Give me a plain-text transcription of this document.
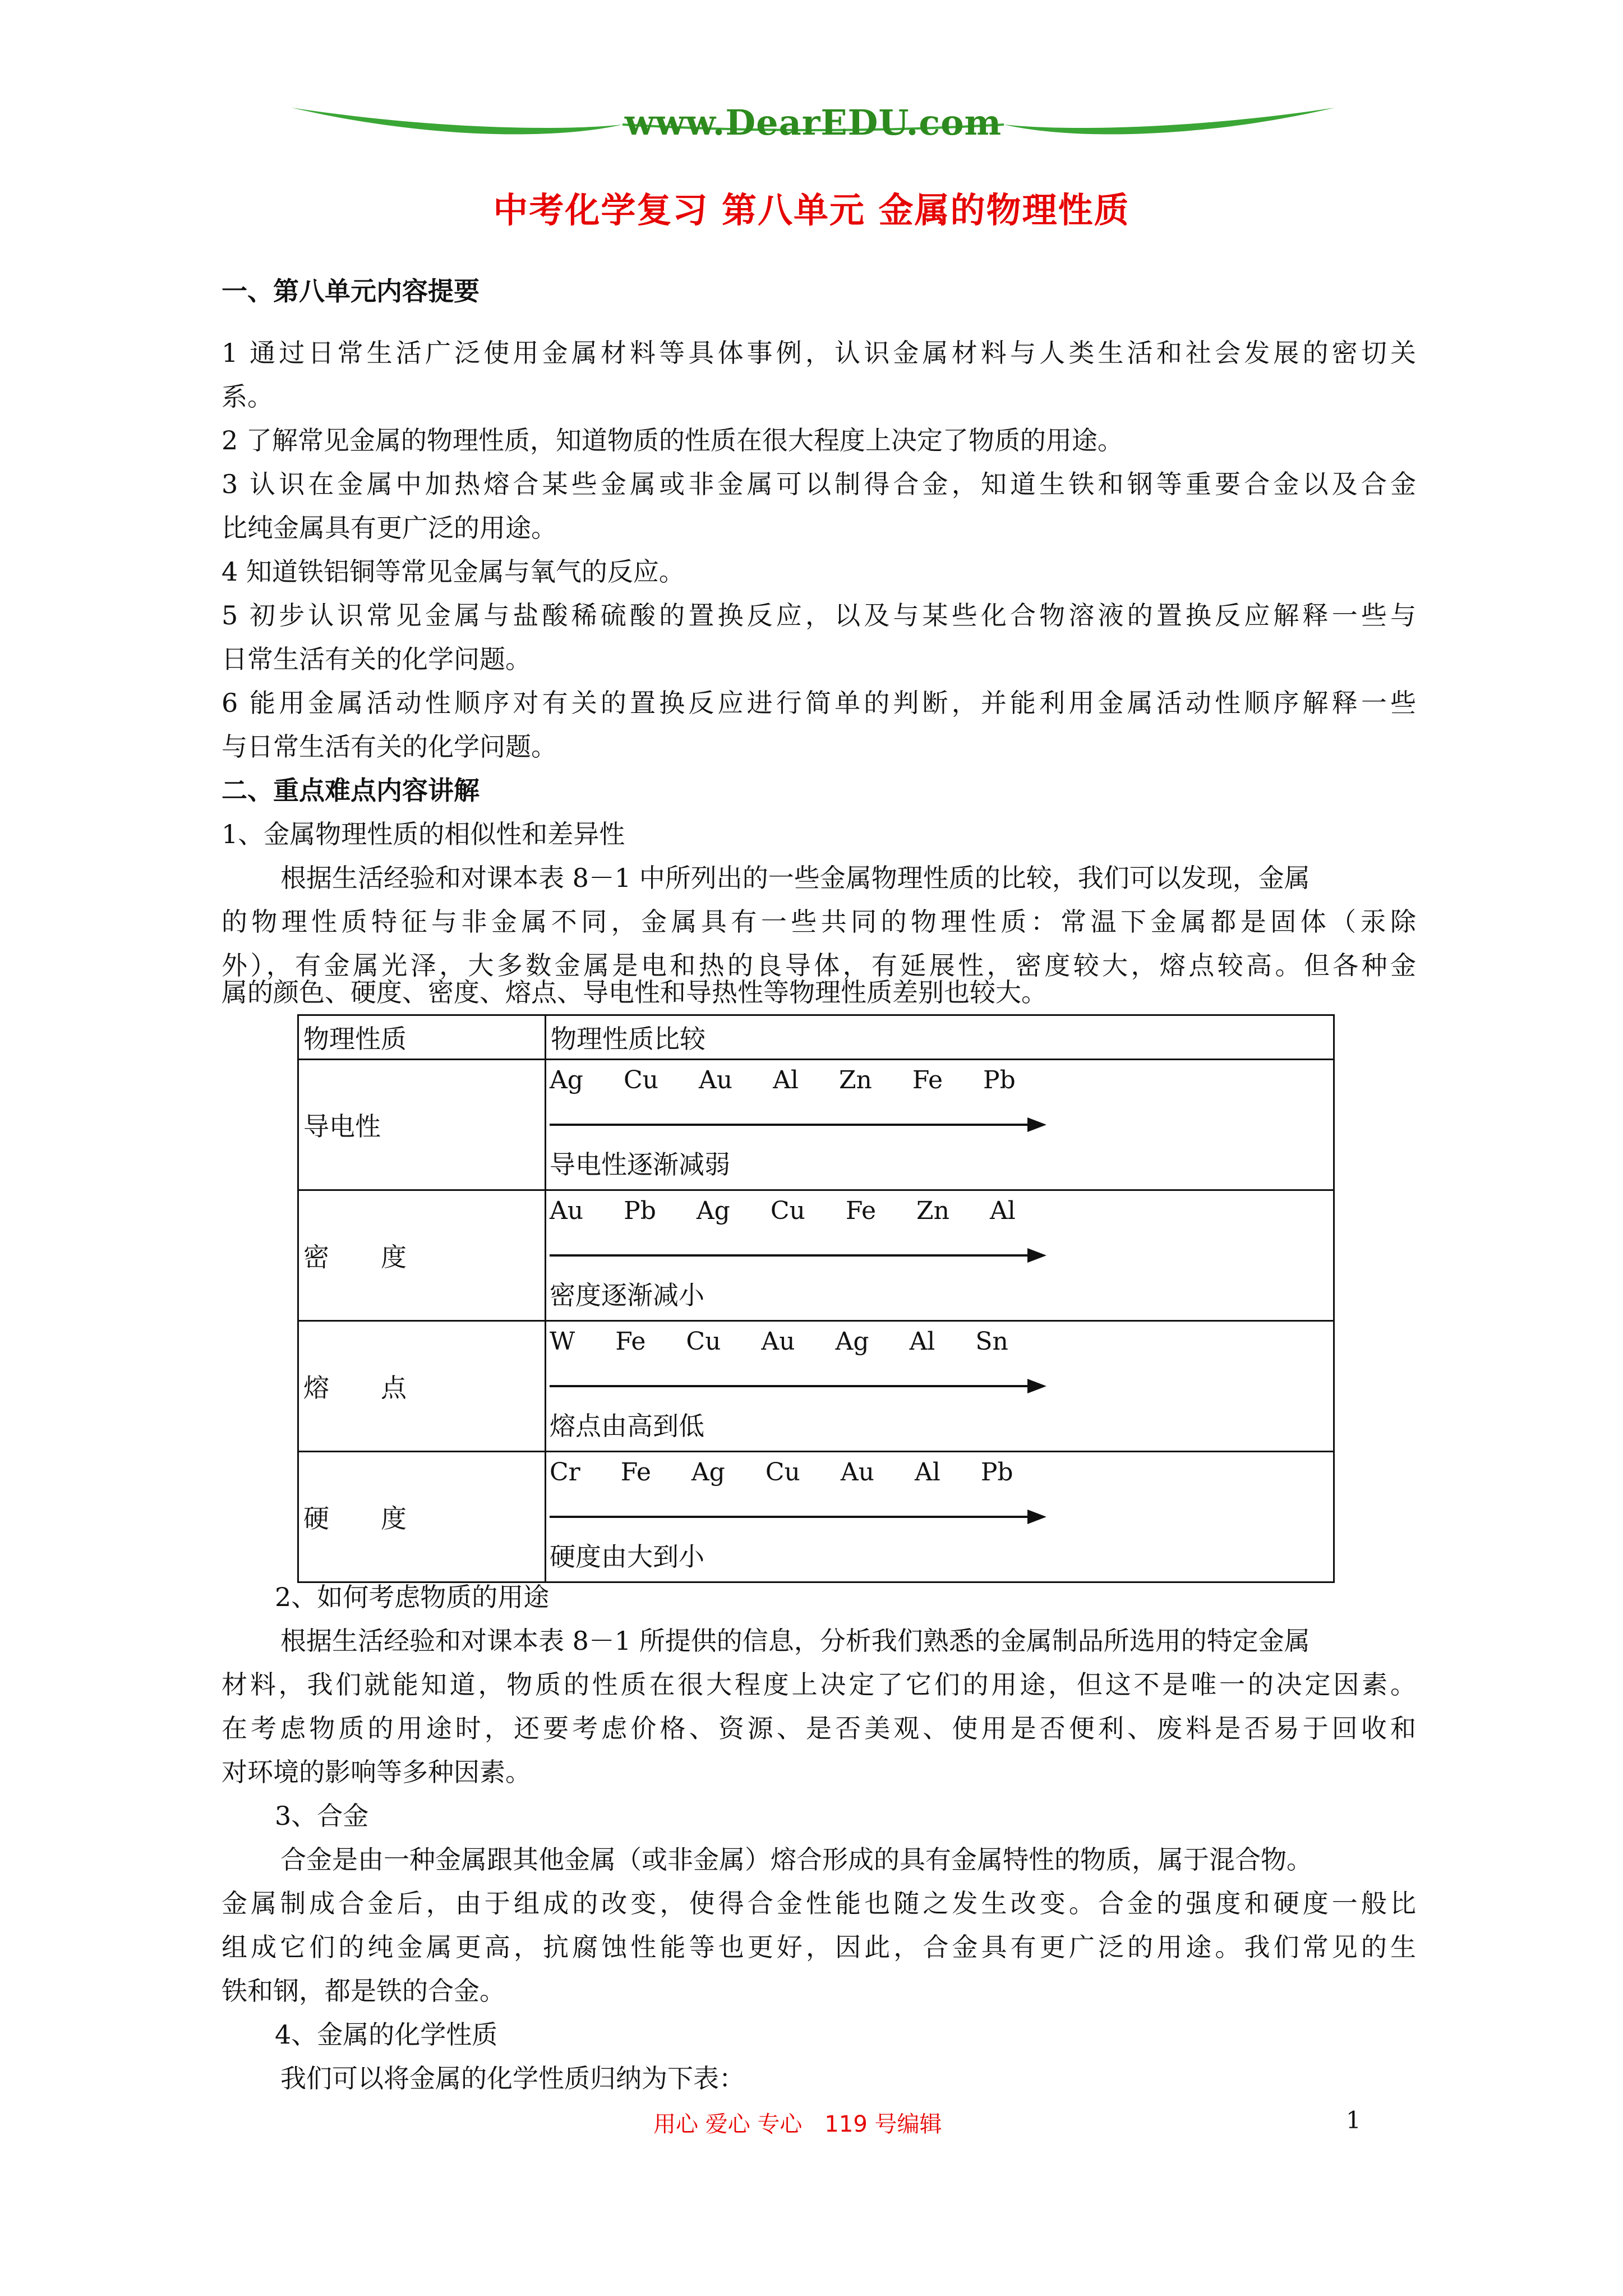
www.DearEDU.com
中考化学复习 第八单元 金属的物理性质
一、第八单元内容提要
1 通过日常生活广泛使用金属材料等具体事例，认识金属材料与人类生活和社会发展的密切关
系。
2 了解常见金属的物理性质，知道物质的性质在很大程度上决定了物质的用途。
3 认识在金属中加热熔合某些金属或非金属可以制得合金，知道生铁和钢等重要合金以及合金
比纯金属具有更广泛的用途。
4 知道铁铝铜等常见金属与氧气的反应。
5 初步认识常见金属与盐酸稀硫酸的置换反应，以及与某些化合物溶液的置换反应解释一些与
日常生活有关的化学问题。
6 能用金属活动性顺序对有关的置换反应进行简单的判断，并能利用金属活动性顺序解释一些
与日常生活有关的化学问题。
二、重点难点内容讲解
1、金属物理性质的相似性和差异性
根据生活经验和对课本表 8－1 中所列出的一些金属物理性质的比较，我们可以发现，金属
的物理性质特征与非金属不同，金属具有一些共同的物理性质：常温下金属都是固体（汞除
外），有金属光泽，大多数金属是电和热的良导体，有延展性，密度较大，熔点较高。但各种金
属的颜色、硬度、密度、熔点、导电性和导热性等物理性质差别也较大。
物理性质	物理性质比较
导电性	Ag Cu Au Al Zn Fe Pb
导电性逐渐减弱

密　　度	Au Pb Ag Cu Fe Zn Al
密度逐渐减小

熔　　点	W Fe Cu Au Ag Al Sn
熔点由高到低

硬　　度	Cr Fe Ag Cu Au Al Pb
硬度由大到小
2、如何考虑物质的用途
根据生活经验和对课本表 8－1 所提供的信息，分析我们熟悉的金属制品所选用的特定金属
材料，我们就能知道，物质的性质在很大程度上决定了它们的用途，但这不是唯一的决定因素。
在考虑物质的用途时，还要考虑价格、资源、是否美观、使用是否便利、废料是否易于回收和
对环境的影响等多种因素。
3、合金
合金是由一种金属跟其他金属（或非金属）熔合形成的具有金属特性的物质，属于混合物。
金属制成合金后，由于组成的改变，使得合金性能也随之发生改变。合金的强度和硬度一般比
组成它们的纯金属更高，抗腐蚀性能等也更好，因此，合金具有更广泛的用途。我们常见的生
铁和钢，都是铁的合金。
4、金属的化学性质
我们可以将金属的化学性质归纳为下表：
用心 爱心 专心　119 号编辑	1
